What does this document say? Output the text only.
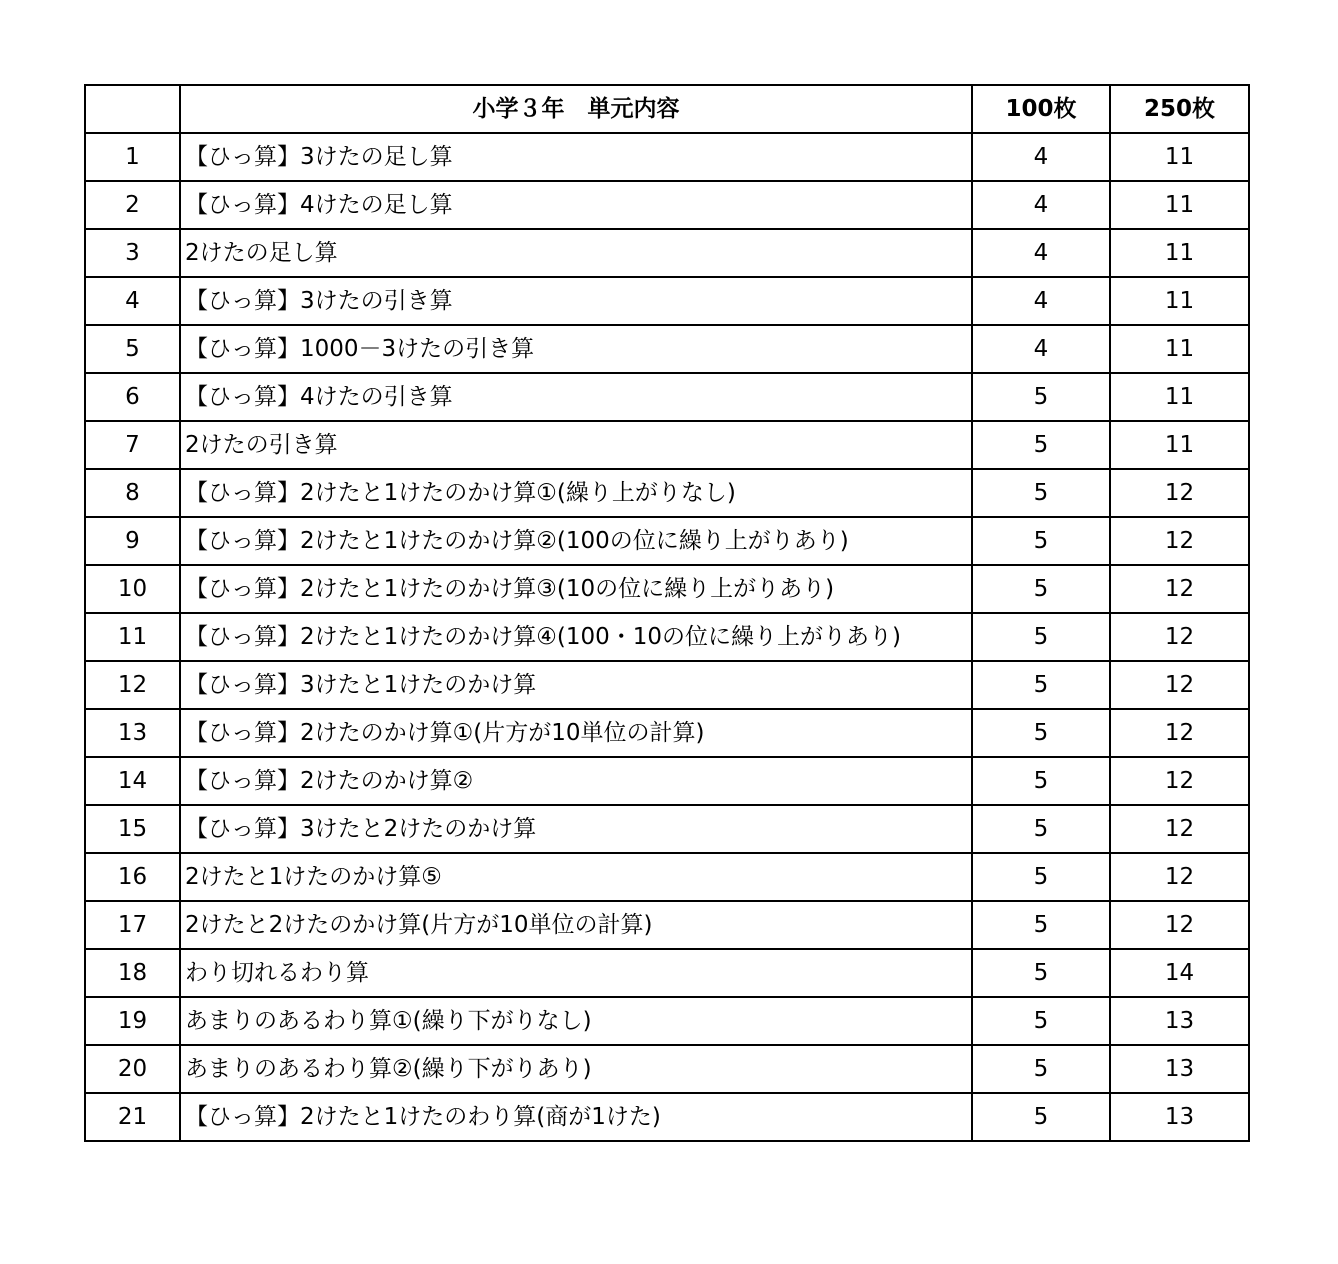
	小学３年　単元内容	100枚	250枚
1	【ひっ算】3けたの足し算	4	11
2	【ひっ算】4けたの足し算	4	11
3	2けたの足し算	4	11
4	【ひっ算】3けたの引き算	4	11
5	【ひっ算】1000－3けたの引き算	4	11
6	【ひっ算】4けたの引き算	5	11
7	2けたの引き算	5	11
8	【ひっ算】2けたと1けたのかけ算①(繰り上がりなし)	5	12
9	【ひっ算】2けたと1けたのかけ算②(100の位に繰り上がりあり)	5	12
10	【ひっ算】2けたと1けたのかけ算③(10の位に繰り上がりあり)	5	12
11	【ひっ算】2けたと1けたのかけ算④(100・10の位に繰り上がりあり)	5	12
12	【ひっ算】3けたと1けたのかけ算	5	12
13	【ひっ算】2けたのかけ算①(片方が10単位の計算)	5	12
14	【ひっ算】2けたのかけ算②	5	12
15	【ひっ算】3けたと2けたのかけ算	5	12
16	2けたと1けたのかけ算⑤	5	12
17	2けたと2けたのかけ算(片方が10単位の計算)	5	12
18	わり切れるわり算	5	14
19	あまりのあるわり算①(繰り下がりなし)	5	13
20	あまりのあるわり算②(繰り下がりあり)	5	13
21	【ひっ算】2けたと1けたのわり算(商が1けた)	5	13
